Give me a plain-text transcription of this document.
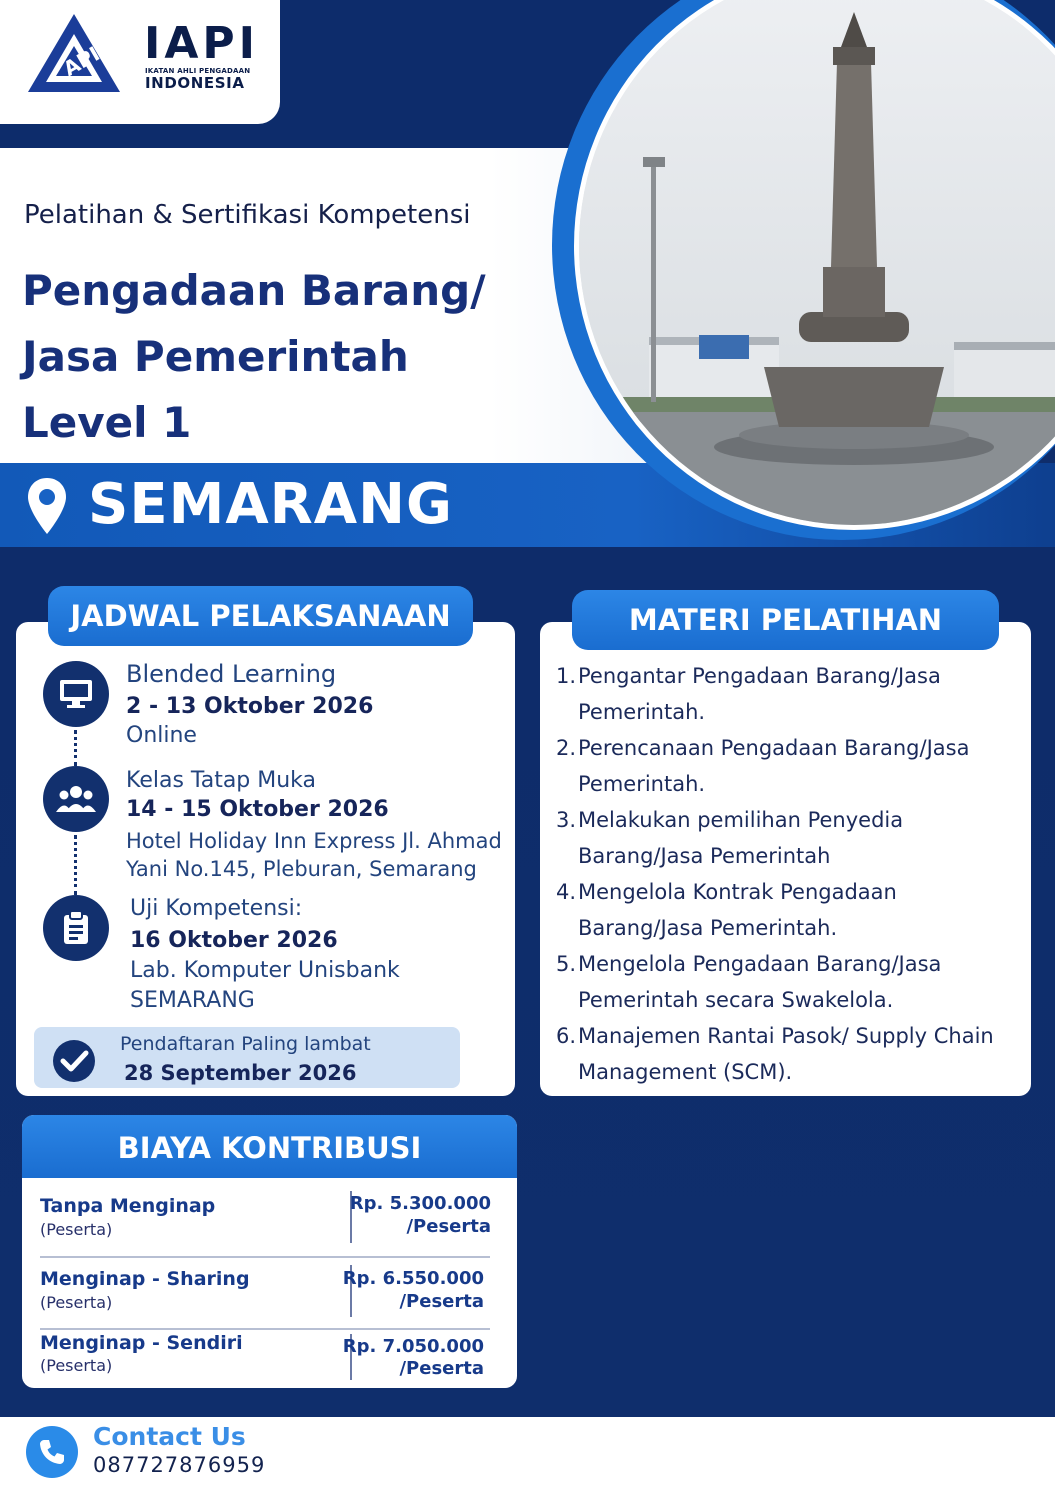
API IAPI
IKATAN AHLI PENGADAAN
INDONESIA
Pelatihan & Sertifikasi Kompetensi
Pengadaan Barang/
Jasa Pemerintah
Level 1
SEMARANG
JADWAL PELAKSANAAN
Blended Learning
2 - 13 Oktober 2026
Online
Kelas Tatap Muka
14 - 15 Oktober 2026
Hotel Holiday Inn Express Jl. Ahmad
Yani No.145, Pleburan, Semarang
Uji Kompetensi:
16 Oktober 2026
Lab. Komputer Unisbank
SEMARANG
Pendaftaran Paling lambat
28 September 2026
MATERI PELATIHAN
1. Pengantar Pengadaan Barang/Jasa
Pemerintah.
2. Perencanaan Pengadaan Barang/Jasa
Pemerintah.
3. Melakukan pemilihan Penyedia
Barang/Jasa Pemerintah
4. Mengelola Kontrak Pengadaan
Barang/Jasa Pemerintah.
5. Mengelola Pengadaan Barang/Jasa
Pemerintah secara Swakelola.
6. Manajemen Rantai Pasok/ Supply Chain
Management (SCM).
BIAYA KONTRIBUSI
Tanpa Menginap
(Peserta)
Rp. 5.300.000
/Peserta
Menginap - Sharing
(Peserta)
Rp. 6.550.000
/Peserta
Menginap - Sendiri
(Peserta)
Rp. 7.050.000
/Peserta
Contact Us
087727876959
